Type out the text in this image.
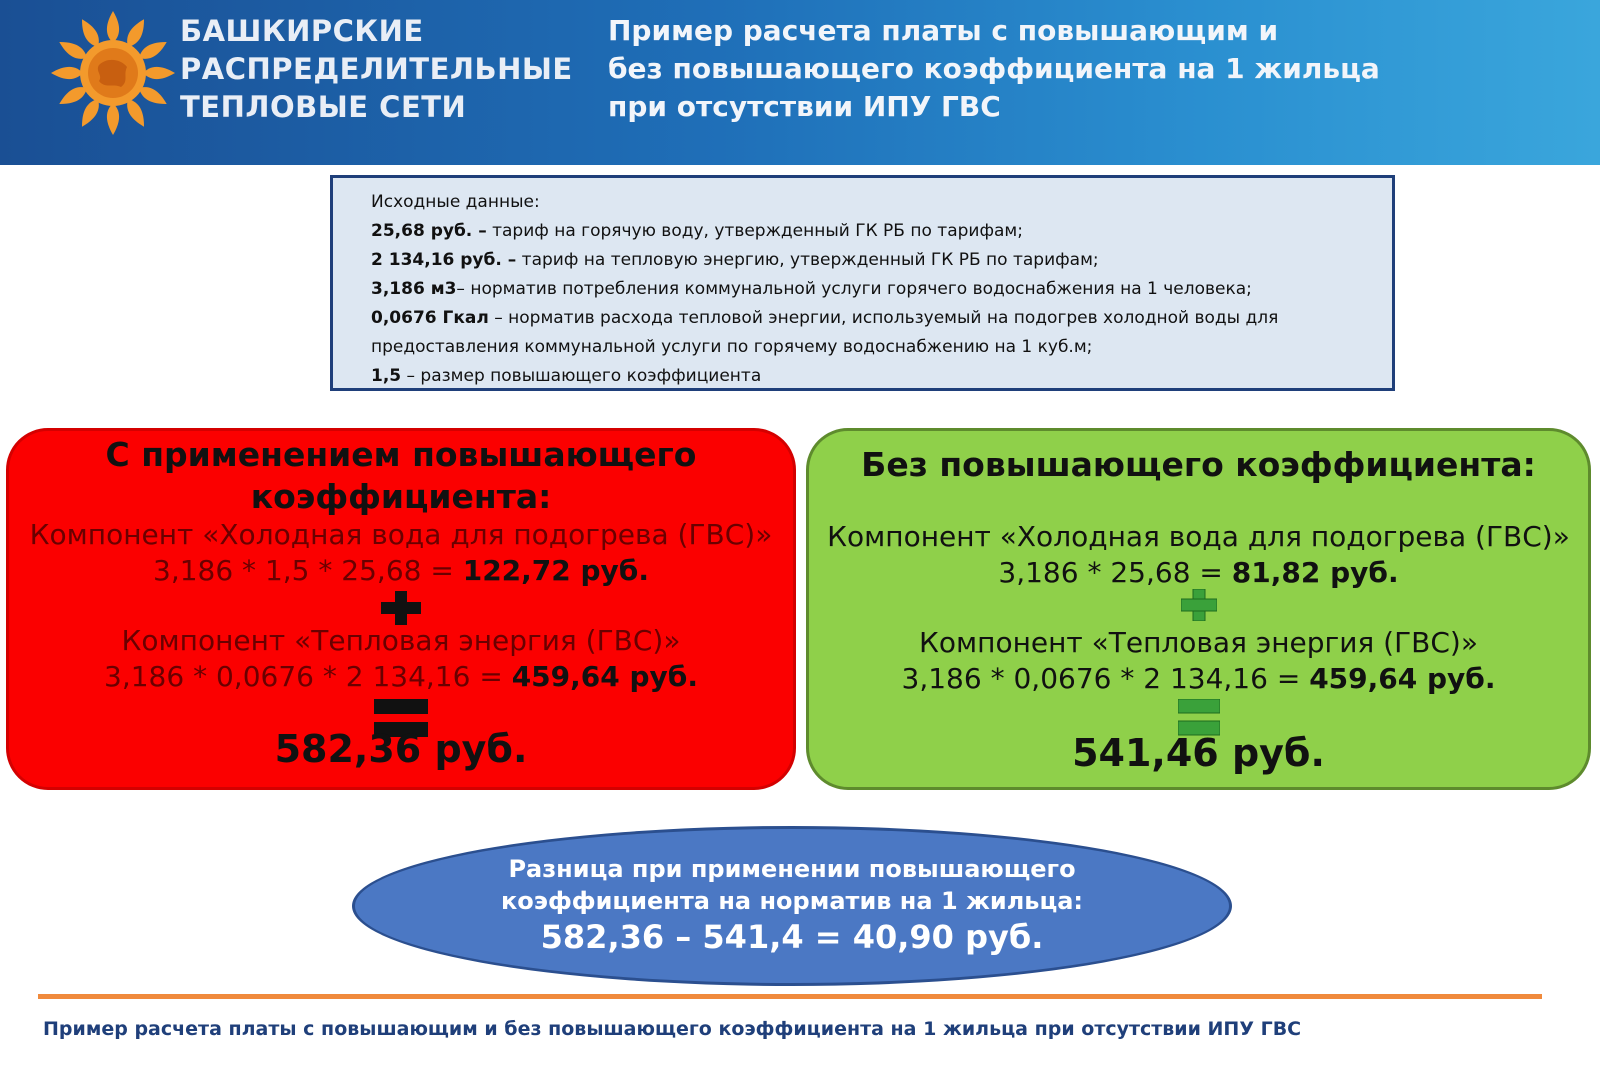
БАШКИРСКИЕ
РАСПРЕДЕЛИТЕЛЬНЫЕ
ТЕПЛОВЫЕ СЕТИ
Пример расчета платы с повышающим и
без повышающего коэффициента на 1 жильца
при отсутствии ИПУ ГВС
Исходные данные:
25,68 руб. – тариф на горячую воду, утвержденный ГК РБ по тарифам;
2 134,16 руб. – тариф на тепловую энергию, утвержденный ГК РБ по тарифам;
3,186 м3– норматив потребления коммунальной услуги горячего водоснабжения на 1 человека;
0,0676 Гкал – норматив расхода тепловой энергии, используемый на подогрев холодной воды для
предоставления коммунальной услуги по горячему водоснабжению на 1 куб.м;
1,5 – размер повышающего коэффициента
С применением повышающего
коэффициента:
Компонент «Холодная вода для подогрева (ГВС)»
3,186 * 1,5 * 25,68 = 122,72 руб.
Компонент «Тепловая энергия (ГВС)»
3,186 * 0,0676 * 2 134,16 = 459,64 руб.
582,36 руб.
Без повышающего коэффициента:
Компонент «Холодная вода для подогрева (ГВС)»
3,186 * 25,68 = 81,82 руб.
Компонент «Тепловая энергия (ГВС)»
3,186 * 0,0676 * 2 134,16 = 459,64 руб.
541,46 руб.
Разница при применении повышающего
коэффициента на норматив на 1 жильца:
582,36 – 541,4 = 40,90 руб.
Пример расчета платы с повышающим и без повышающего коэффициента на 1 жильца при отсутствии ИПУ ГВС
